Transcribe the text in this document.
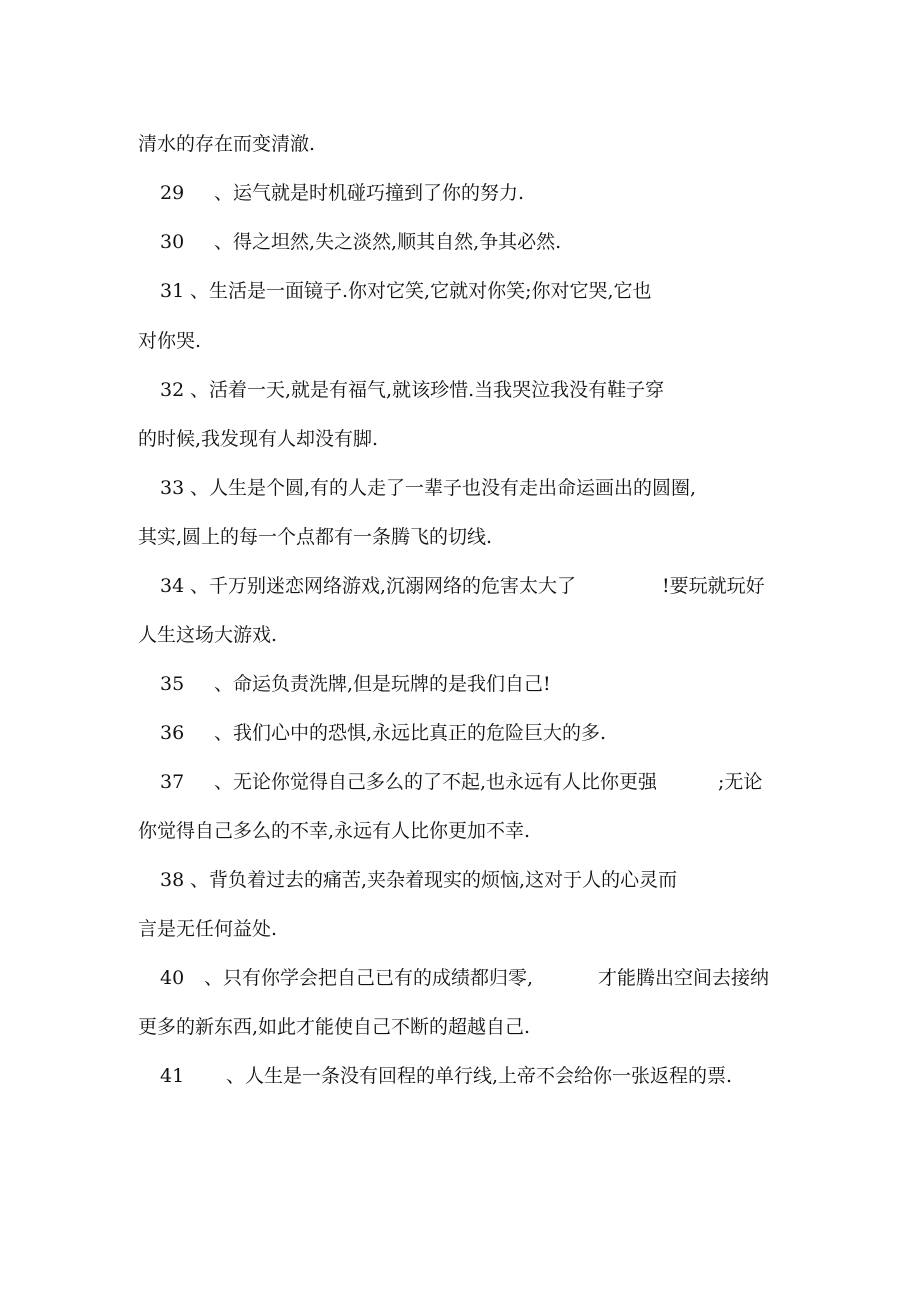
清水的存在而变清澈.
29 、运气就是时机碰巧撞到了你的努力.
30 、得之坦然,失之淡然,顺其自然,争其必然.
31 、生活是一面镜子.你对它笑,它就对你笑;你对它哭,它也
对你哭.
32 、活着一天,就是有福气,就该珍惜.当我哭泣我没有鞋子穿
的时候,我发现有人却没有脚.
33 、人生是个圆,有的人走了一辈子也没有走出命运画出的圆圈,
其实,圆上的每一个点都有一条腾飞的切线.
34 、千万别迷恋网络游戏,沉溺网络的危害太大了	!要玩就玩好
人生这场大游戏.
35 、命运负责洗牌,但是玩牌的是我们自己!
36 、我们心中的恐惧,永远比真正的危险巨大的多.
37 、无论你觉得自己多么的了不起,也永远有人比你更强	;无论
你觉得自己多么的不幸,永远有人比你更加不幸.
38 、背负着过去的痛苦,夹杂着现实的烦恼,这对于人的心灵而
言是无任何益处.
40 、只有你学会把自己已有的成绩都归零,	才能腾出空间去接纳
更多的新东西,如此才能使自己不断的超越自己.
41 、人生是一条没有回程的单行线,上帝不会给你一张返程的票.
